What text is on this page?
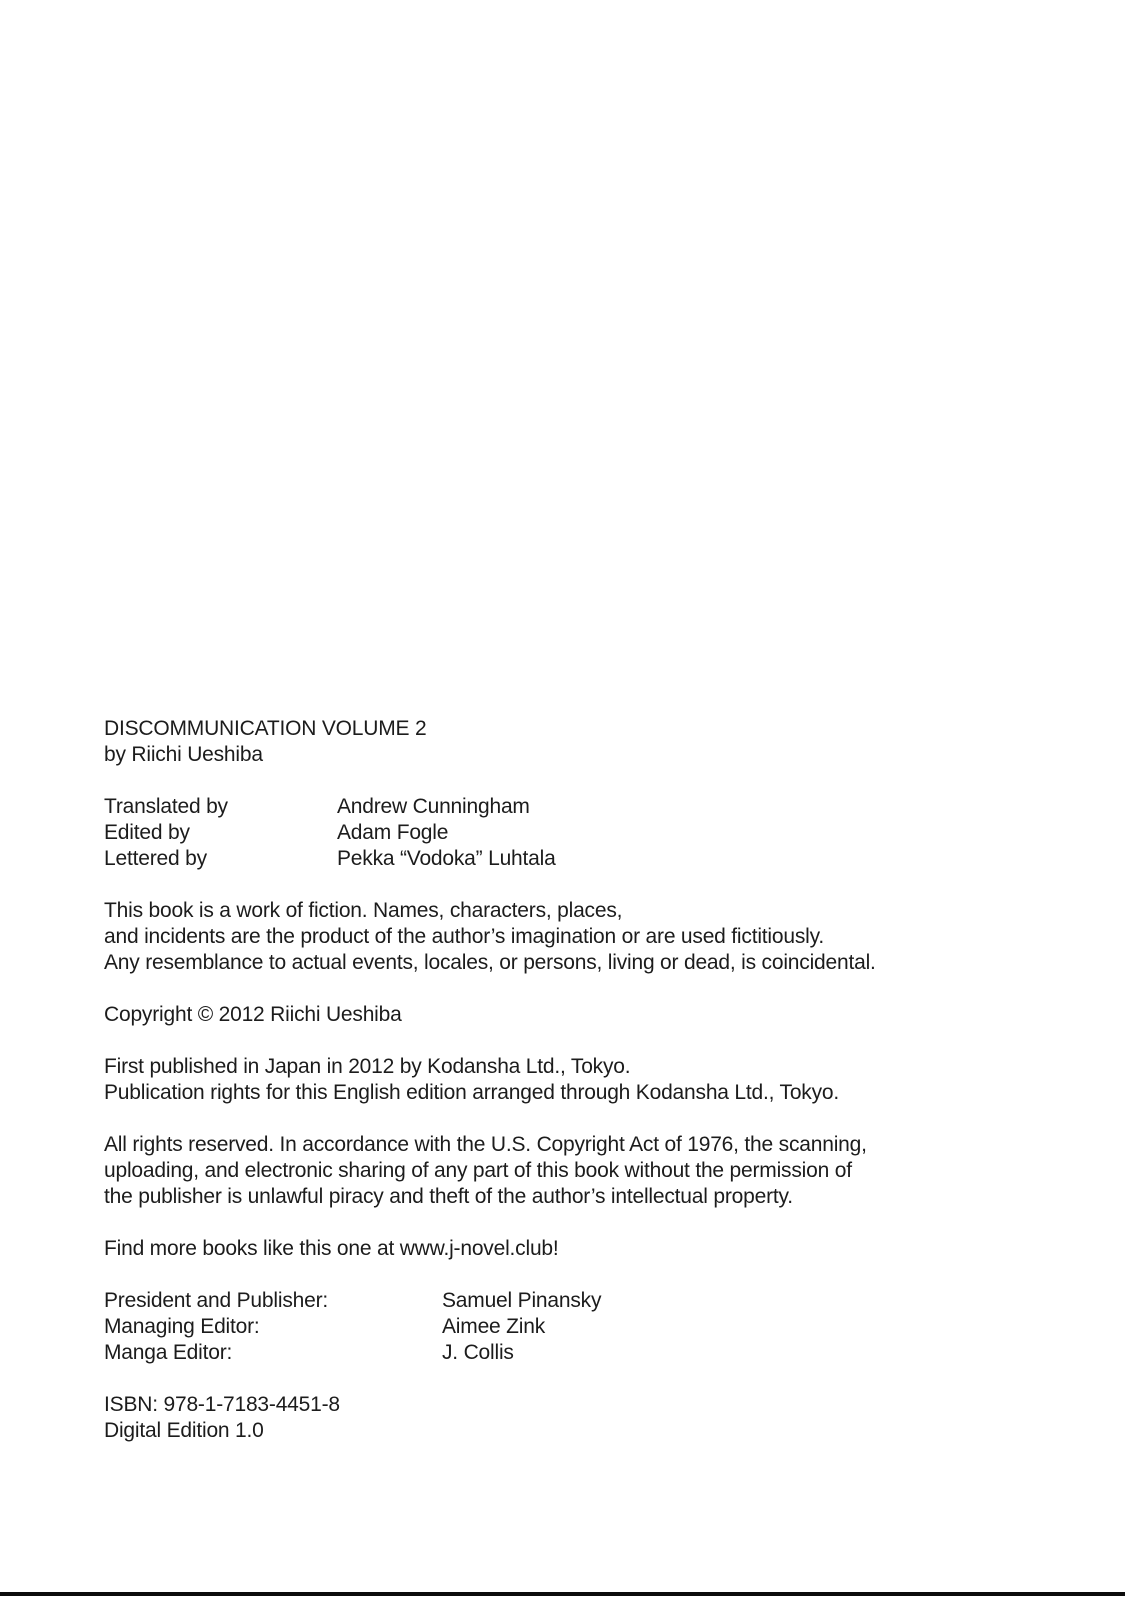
DISCOMMUNICATION VOLUME 2
by Riichi Ueshiba
Translated by	Andrew Cunningham
Edited by	Adam Fogle
Lettered by	Pekka “Vodoka” Luhtala
This book is a work of fiction. Names, characters, places,
and incidents are the product of the author’s imagination or are used fictitiously.
Any resemblance to actual events, locales, or persons, living or dead, is coincidental.
Copyright © 2012 Riichi Ueshiba
First published in Japan in 2012 by Kodansha Ltd., Tokyo.
Publication rights for this English edition arranged through Kodansha Ltd., Tokyo.
All rights reserved. In accordance with the U.S. Copyright Act of 1976, the scanning,
uploading, and electronic sharing of any part of this book without the permission of
the publisher is unlawful piracy and theft of the author’s intellectual property.
Find more books like this one at www.j-novel.club!
President and Publisher:	Samuel Pinansky
Managing Editor:	Aimee Zink
Manga Editor:	J. Collis
ISBN: 978-1-7183-4451-8
Digital Edition 1.0
